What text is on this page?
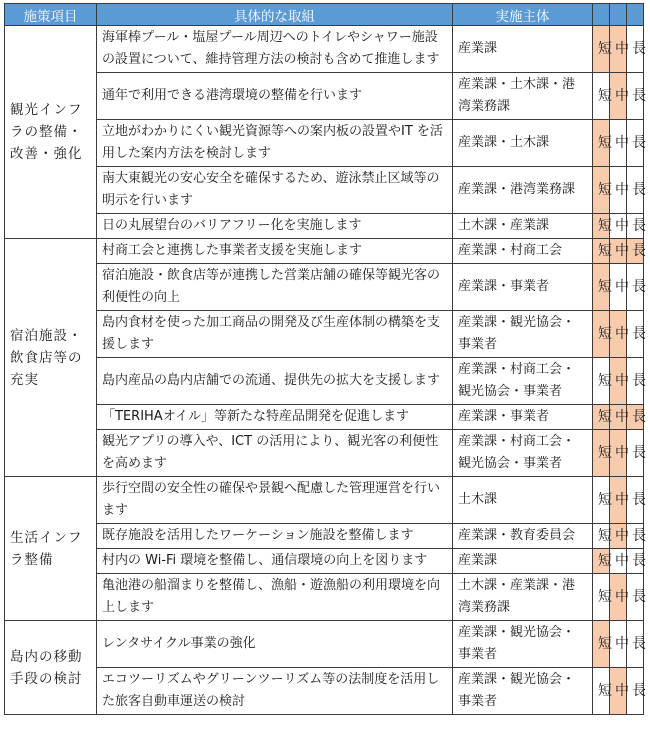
施策項目	具体的な取組	実施主体			
観光インフラの整備・改善・強化	海軍棒プール・塩屋プール周辺へのトイレやシャワー施設の設置について、維持管理方法の検討も含めて推進します	産業課	短	中	長
	通年で利用できる港湾環境の整備を行います	産業課・土木課・港湾業務課	短	中	長
	立地がわかりにくい観光資源等への案内板の設置やIT を活用した案内方法を検討します	産業課・土木課	短	中	長
	南大東観光の安心安全を確保するため、遊泳禁止区域等の明示を行います	産業課・港湾業務課	短	中	長
	日の丸展望台のバリアフリー化を実施します	土木課・産業課	短	中	長
宿泊施設・飲食店等の充実	村商工会と連携した事業者支援を実施します	産業課・村商工会	短	中	長
	宿泊施設・飲食店等が連携した営業店舗の確保等観光客の利便性の向上	産業課・事業者	短	中	長
	島内食材を使った加工商品の開発及び生産体制の構築を支援します	産業課・観光協会・事業者	短	中	長
	島内産品の島内店舗での流通、提供先の拡大を支援します	産業課・村商工会・観光協会・事業者	短	中	長
	「TERIHAオイル」等新たな特産品開発を促進します	産業課・事業者	短	中	長
	観光アプリの導入や、ICT の活用により、観光客の利便性を高めます	産業課・村商工会・観光協会・事業者	短	中	長
生活インフラ整備	歩行空間の安全性の確保や景観へ配慮した管理運営を行います	土木課	短	中	長
	既存施設を活用したワーケーション施設を整備します	産業課・教育委員会	短	中	長
	村内の Wi-Fi 環境を整備し、通信環境の向上を図ります	産業課	短	中	長
	亀池港の船溜まりを整備し、漁船・遊漁船の利用環境を向上します	土木課・産業課・港湾業務課	短	中	長
島内の移動手段の検討	レンタサイクル事業の強化	産業課・観光協会・事業者	短	中	長
	エコツーリズムやグリーンツーリズム等の法制度を活用した旅客自動車運送の検討	産業課・観光協会・事業者	短	中	長
